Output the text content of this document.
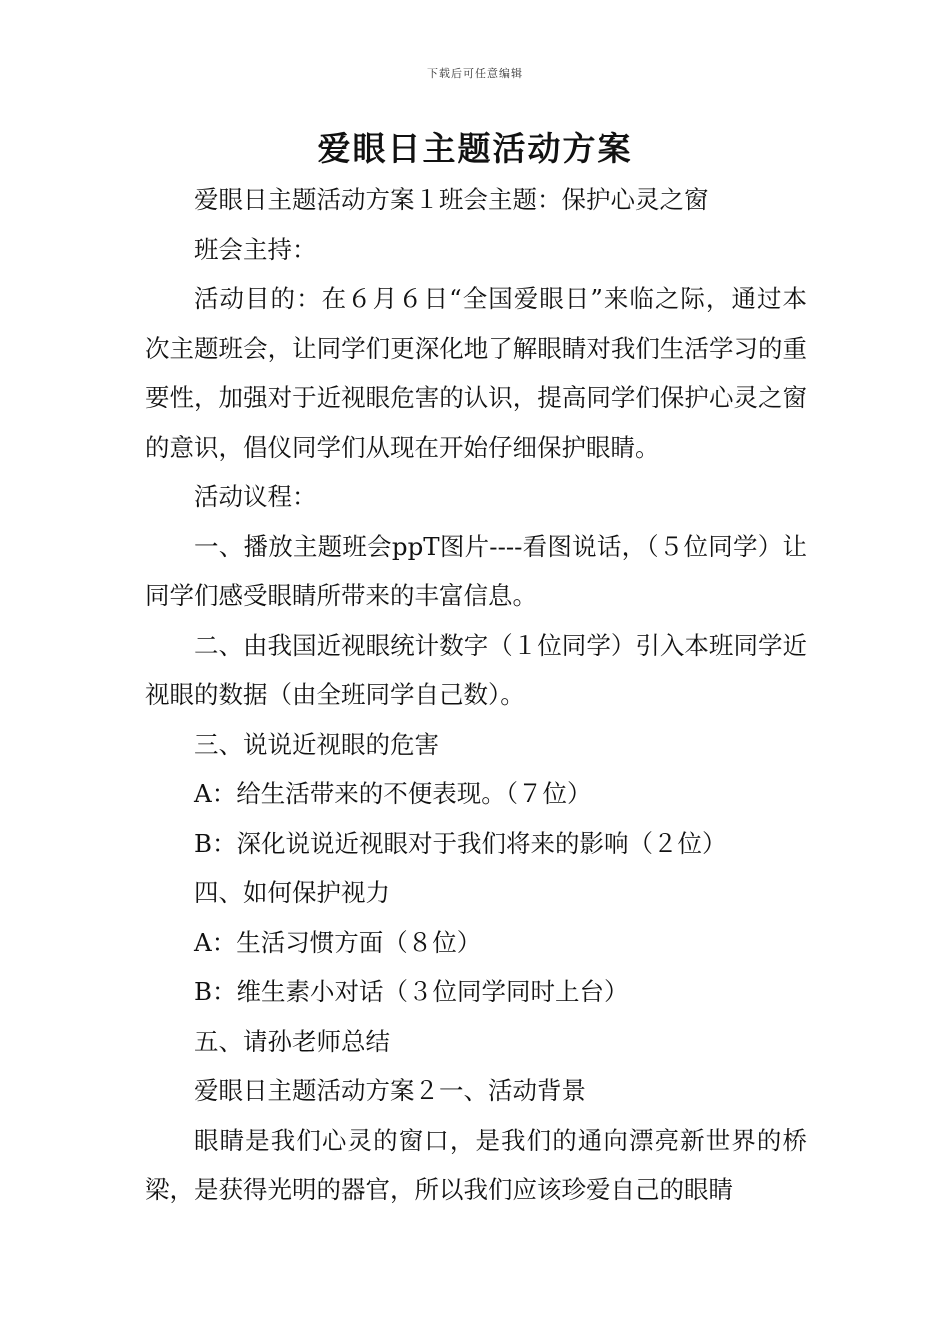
下载后可任意编辑
爱眼日主题活动方案

爱眼日主题活动方案１班会主题：保护心灵之窗

班会主持：

活动目的：在６月６日“全国爱眼日”来临之际，通过本次主题班会，让同学们更深化地了解眼睛对我们生活学习的重要性，加强对于近视眼危害的认识，提高同学们保护心灵之窗的意识，倡仪同学们从现在开始仔细保护眼睛。

活动议程：

一、播放主题班会ppT图片----看图说话，（５位同学）让同学们感受眼睛所带来的丰富信息。

二、由我国近视眼统计数字（１位同学）引入本班同学近视眼的数据（由全班同学自己数）。

三、说说近视眼的危害

A：给生活带来的不便表现。（７位）

B：深化说说近视眼对于我们将来的影响（２位）

四、如何保护视力

A：生活习惯方面（８位）

B：维生素小对话（３位同学同时上台）

五、请孙老师总结

爱眼日主题活动方案２一、活动背景

眼睛是我们心灵的窗口，是我们的通向漂亮新世界的桥梁，是获得光明的器官，所以我们应该珍爱自己的眼睛
